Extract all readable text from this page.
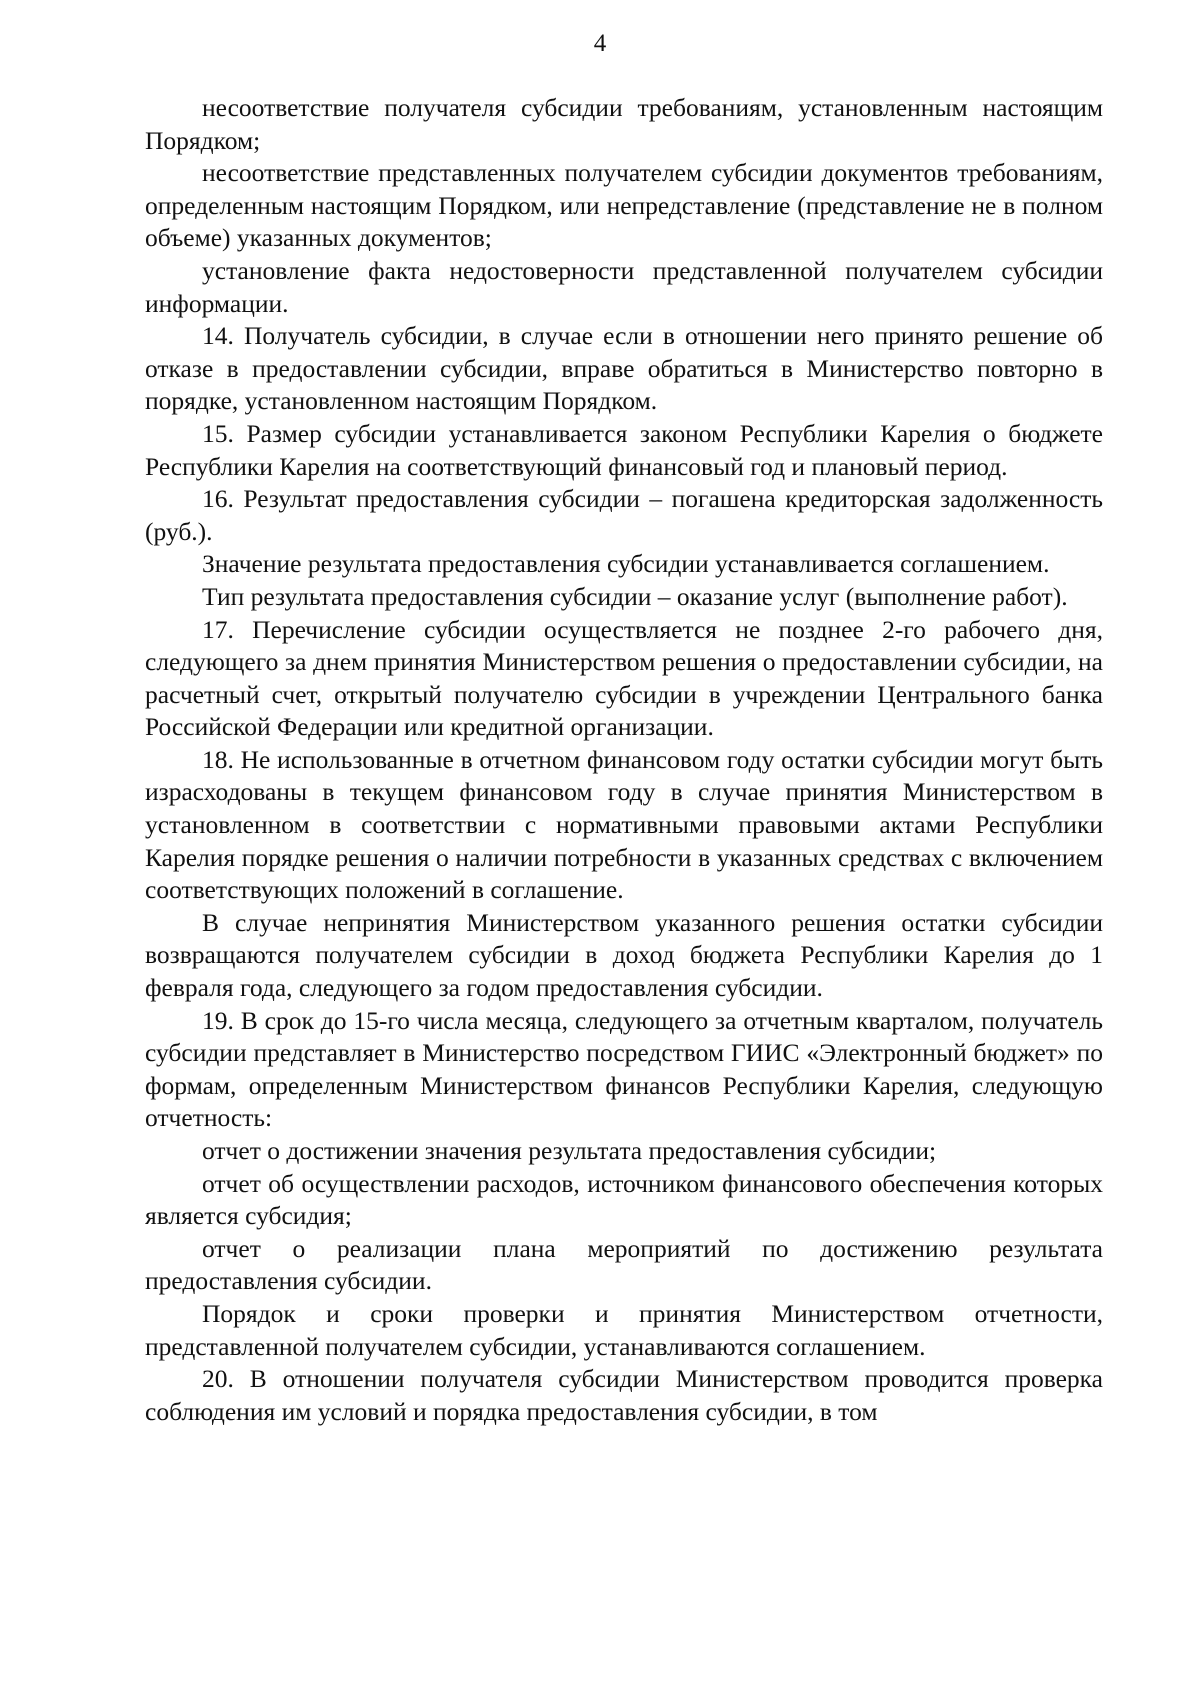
4

несоответствие получателя субсидии требованиям, установленным настоящим Порядком;

несоответствие представленных получателем субсидии документов требованиям, определенным настоящим Порядком, или непредставление (представление не в полном объеме) указанных документов;

установление факта недостоверности представленной получателем субсидии информации.

14. Получатель субсидии, в случае если в отношении него принято решение об отказе в предоставлении субсидии, вправе обратиться в Министерство повторно в порядке, установленном настоящим Порядком.

15. Размер субсидии устанавливается законом Республики Карелия о бюджете Республики Карелия на соответствующий финансовый год и плановый период.

16. Результат предоставления субсидии – погашена кредиторская задолженность (руб.).

Значение результата предоставления субсидии устанавливается соглашением.

Тип результата предоставления субсидии – оказание услуг (выполнение работ).

17. Перечисление субсидии осуществляется не позднее 2-го рабочего дня, следующего за днем принятия Министерством решения о предоставлении субсидии, на расчетный счет, открытый получателю субсидии в учреждении Центрального банка Российской Федерации или кредитной организации.

18. Не использованные в отчетном финансовом году остатки субсидии могут быть израсходованы в текущем финансовом году в случае принятия Министерством в установленном в соответствии с нормативными правовыми актами Республики Карелия порядке решения о наличии потребности в указанных средствах с включением соответствующих положений в соглашение.

В случае непринятия Министерством указанного решения остатки субсидии возвращаются получателем субсидии в доход бюджета Республики Карелия до 1 февраля года, следующего за годом предоставления субсидии.

19. В срок до 15-го числа месяца, следующего за отчетным кварталом, получатель субсидии представляет в Министерство посредством ГИИС «Электронный бюджет» по формам, определенным Министерством финансов Республики Карелия, следующую отчетность:

отчет о достижении значения результата предоставления субсидии;

отчет об осуществлении расходов, источником финансового обеспечения которых является субсидия;

отчет о реализации плана мероприятий по достижению результата предоставления субсидии.

Порядок и сроки проверки и принятия Министерством отчетности, представленной получателем субсидии, устанавливаются соглашением.

20. В отношении получателя субсидии Министерством проводится проверка соблюдения им условий и порядка предоставления субсидии, в том
